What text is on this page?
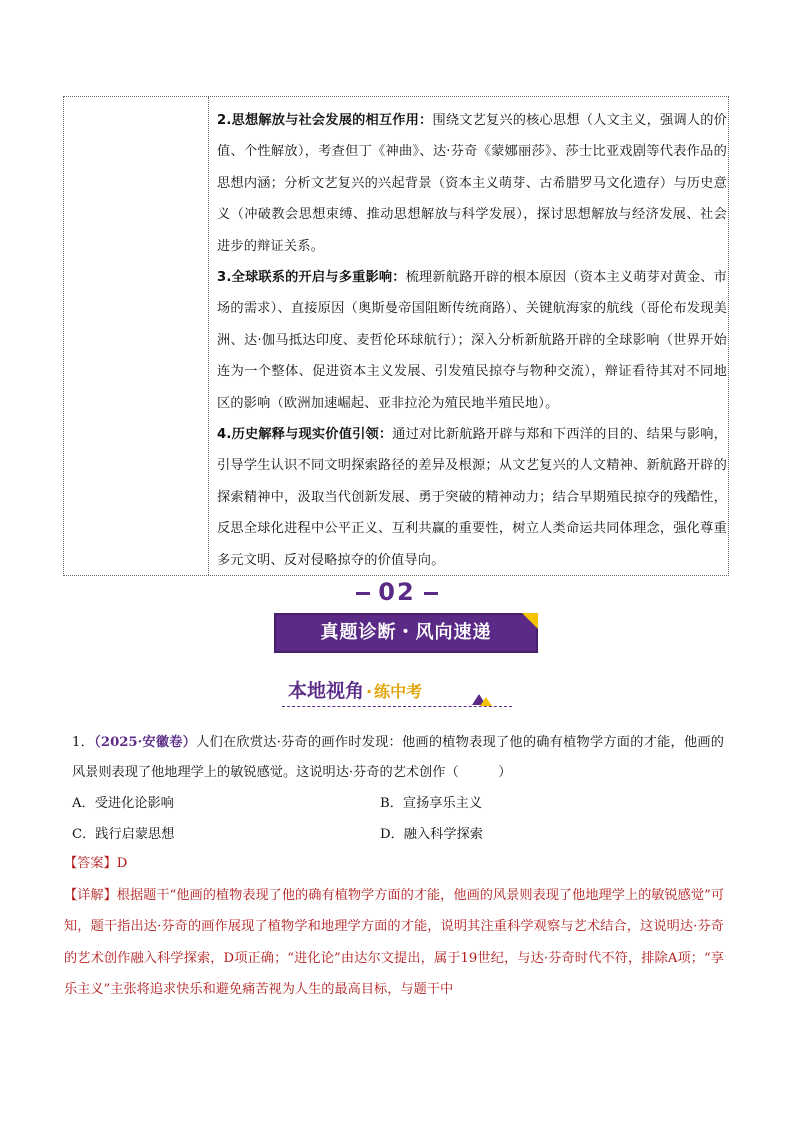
2.思想解放与社会发展的相互作用：围绕文艺复兴的核心思想（人文主义，强调人的价值、个性解放），考查但丁《神曲》、达·芬奇《蒙娜丽莎》、莎士比亚戏剧等代表作品的思想内涵；分析文艺复兴的兴起背景（资本主义萌芽、古希腊罗马文化遗存）与历史意义（冲破教会思想束缚、推动思想解放与科学发展），探讨思想解放与经济发展、社会进步的辩证关系。

3.全球联系的开启与多重影响：梳理新航路开辟的根本原因（资本主义萌芽对黄金、市场的需求）、直接原因（奥斯曼帝国阻断传统商路）、关键航海家的航线（哥伦布发现美洲、达·伽马抵达印度、麦哲伦环球航行）；深入分析新航路开辟的全球影响（世界开始连为一个整体、促进资本主义发展、引发殖民掠夺与物种交流），辩证看待其对不同地区的影响（欧洲加速崛起、亚非拉沦为殖民地半殖民地）。

4.历史解释与现实价值引领：通过对比新航路开辟与郑和下西洋的目的、结果与影响，引导学生认识不同文明探索路径的差异及根源；从文艺复兴的人文精神、新航路开辟的探索精神中，汲取当代创新发展、勇于突破的精神动力；结合早期殖民掠夺的残酷性，反思全球化进程中公平正义、互利共赢的重要性，树立人类命运共同体理念，强化尊重多元文明、反对侵略掠夺的价值导向。

02
真题诊断・风向速递
本地视角 · 练中考
1．（2025·安徽卷）人们在欣赏达·芬奇的画作时发现：他画的植物表现了他的确有植物学方面的才能，他画的风景则表现了他地理学上的敏锐感觉。这说明达·芬奇的艺术创作（　　　）
A．受进化论影响	B．宣扬享乐主义
C．践行启蒙思想	D．融入科学探索
【答案】D
【详解】根据题干“他画的植物表现了他的确有植物学方面的才能，他画的风景则表现了他地理学上的敏锐感觉”可知，题干指出达·芬奇的画作展现了植物学和地理学方面的才能，说明其注重科学观察与艺术结合，这说明达·芬奇的艺术创作融入科学探索，D项正确；“进化论”由达尔文提出，属于19世纪，与达·芬奇时代不符，排除A项；“享乐主义”主张将追求快乐和避免痛苦视为人生的最高目标，与题干中
